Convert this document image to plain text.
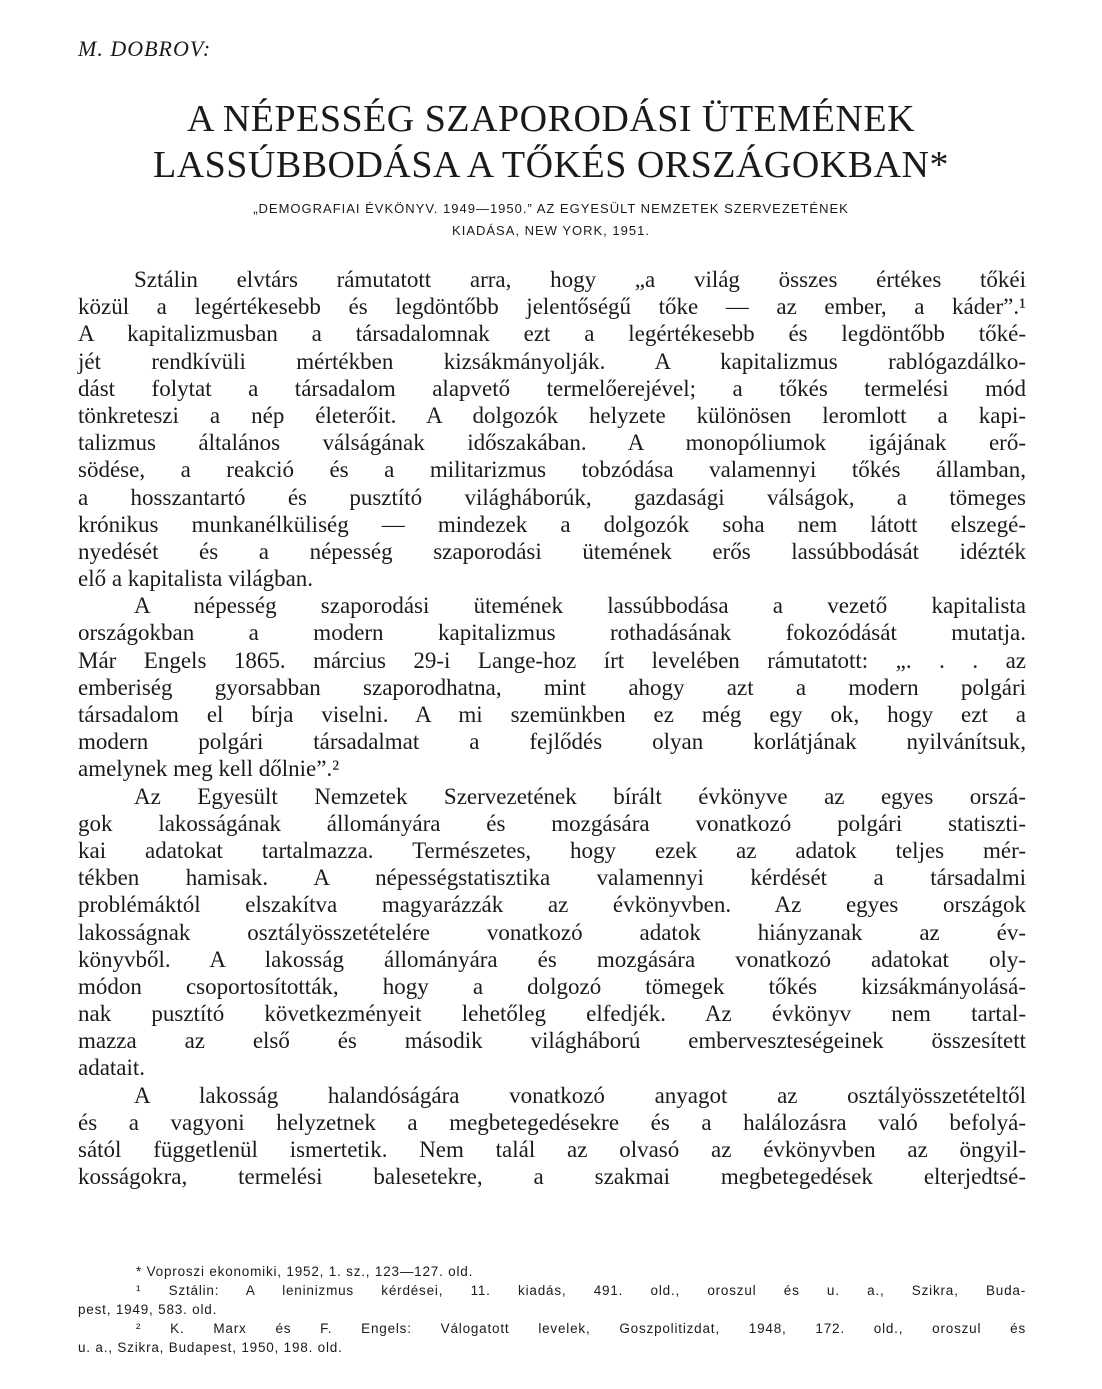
M. DOBROV:
A NÉPESSÉG SZAPORODÁSI ÜTEMÉNEK
LASSÚBBODÁSA A TŐKÉS ORSZÁGOKBAN*
„DEMOGRAFIAI ÉVKÖNYV. 1949—1950.” AZ EGYESÜLT NEMZETEK SZERVEZETÉNEK
KIADÁSA, NEW YORK, 1951.
Sztálin elvtárs rámutatott arra, hogy „a világ összes értékes tőkéi
közül a legértékesebb és legdöntőbb jelentőségű tőke — az ember, a káder”.¹
A kapitalizmusban a társadalomnak ezt a legértékesebb és legdöntőbb tőké-
jét rendkívüli mértékben kizsákmányolják. A kapitalizmus rablógazdálko-
dást folytat a társadalom alapvető termelőerejével; a tőkés termelési mód
tönkreteszi a nép életerőit. A dolgozók helyzete különösen leromlott a kapi-
talizmus általános válságának időszakában. A monopóliumok igájának erő-
södése, a reakció és a militarizmus tobzódása valamennyi tőkés államban,
a hosszantartó és pusztító világháborúk, gazdasági válságok, a tömeges
krónikus munkanélküliség — mindezek a dolgozók soha nem látott elszegé-
nyedését és a népesség szaporodási ütemének erős lassúbbodását idézték
elő a kapitalista világban.
A népesség szaporodási ütemének lassúbbodása a vezető kapitalista
országokban a modern kapitalizmus rothadásának fokozódását mutatja.
Már Engels 1865. március 29-i Lange-hoz írt levelében rámutatott: „. . . az
emberiség gyorsabban szaporodhatna, mint ahogy azt a modern polgári
társadalom el bírja viselni. A mi szemünkben ez még egy ok, hogy ezt a
modern polgári társadalmat a fejlődés olyan korlátjának nyilvánítsuk,
amelynek meg kell dőlnie”.²
Az Egyesült Nemzetek Szervezetének bírált évkönyve az egyes orszá-
gok lakosságának állományára és mozgására vonatkozó polgári statiszti-
kai adatokat tartalmazza. Természetes, hogy ezek az adatok teljes mér-
tékben hamisak. A népességstatisztika valamennyi kérdését a társadalmi
problémáktól elszakítva magyarázzák az évkönyvben. Az egyes országok
lakosságnak osztályösszetételére vonatkozó adatok hiányzanak az év-
könyvből. A lakosság állományára és mozgására vonatkozó adatokat oly-
módon csoportosították, hogy a dolgozó tömegek tőkés kizsákmányolásá-
nak pusztító következményeit lehetőleg elfedjék. Az évkönyv nem tartal-
mazza az első és második világháború emberveszteségeinek összesített
adatait.
A lakosság halandóságára vonatkozó anyagot az osztályösszetételtől
és a vagyoni helyzetnek a megbetegedésekre és a halálozásra való befolyá-
sától függetlenül ismertetik. Nem talál az olvasó az évkönyvben az öngyil-
kosságokra, termelési balesetekre, a szakmai megbetegedések elterjedtsé-
* Voproszi ekonomiki, 1952, 1. sz., 123—127. old.
¹ Sztálin: A leninizmus kérdései, 11. kiadás, 491. old., oroszul és u. a., Szikra, Buda-
pest, 1949, 583. old.
² K. Marx és F. Engels: Válogatott levelek, Goszpolitizdat, 1948, 172. old., oroszul és
u. a., Szikra, Budapest, 1950, 198. old.
